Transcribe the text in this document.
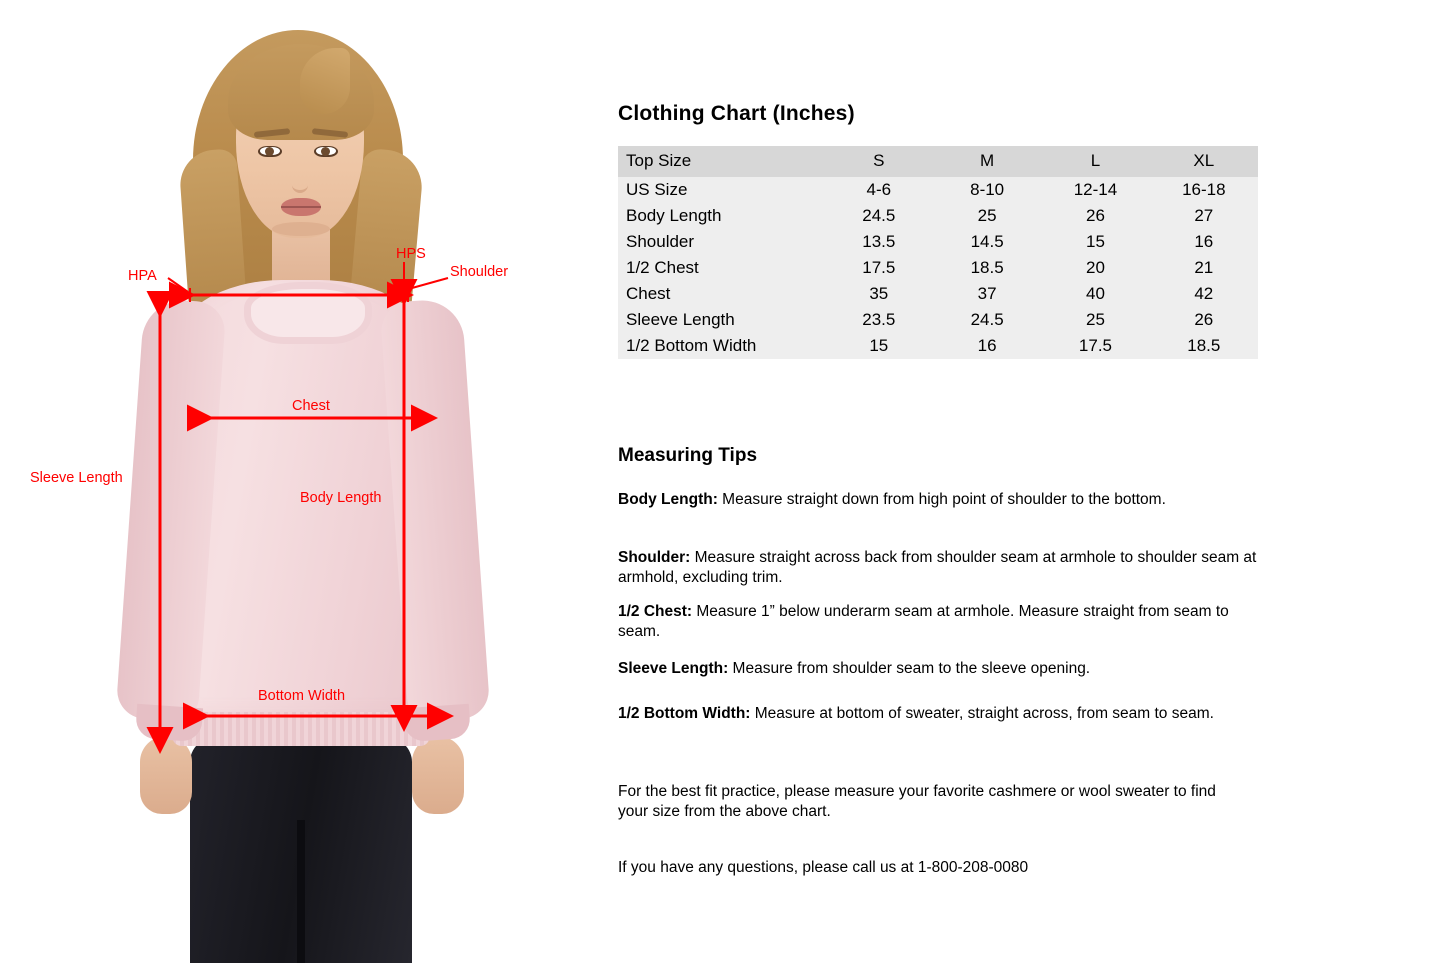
HPA
HPS
Shoulder
Chest
Body Length
Sleeve Length
Bottom Width
Clothing Chart (Inches)
Top Size	S	M	L	XL
US Size	4-6	8-10	12-14	16-18
Body Length	24.5	25	26	27
Shoulder	13.5	14.5	15	16
1/2 Chest	17.5	18.5	20	21
Chest	35	37	40	42
Sleeve Length	23.5	24.5	25	26
1/2 Bottom Width	15	16	17.5	18.5
Measuring Tips
Body Length: Measure straight down from high point of shoulder to the bottom.
Shoulder: Measure straight across back from shoulder seam at armhole to shoulder seam at armhold, excluding trim.
1/2 Chest: Measure 1” below underarm seam at armhole. Measure straight from seam to seam.
Sleeve Length: Measure from shoulder seam to the sleeve opening.
1/2 Bottom Width: Measure at bottom of sweater, straight across, from seam to seam.
For the best fit practice, please measure your favorite cashmere or wool sweater to find your size from the above chart.
If you have any questions, please call us at 1-800-208-0080
